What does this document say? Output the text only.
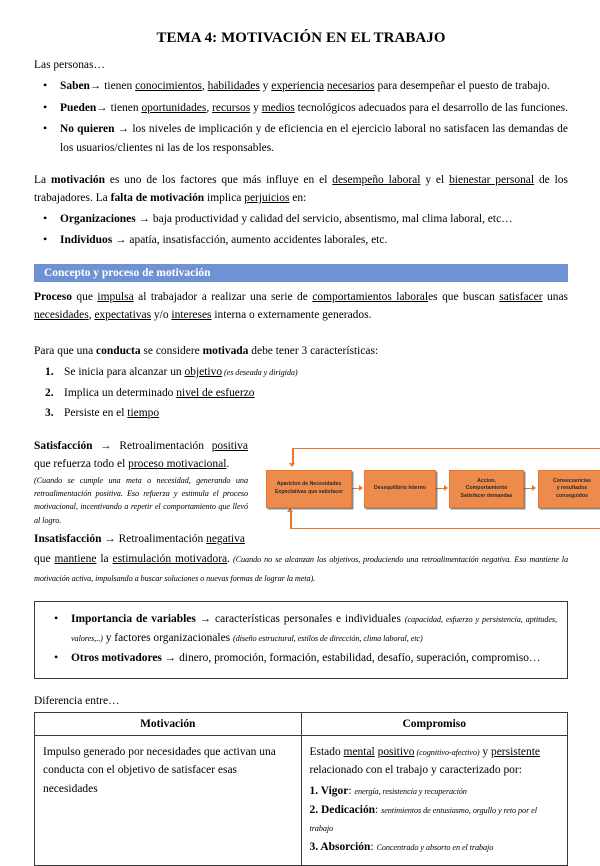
TEMA 4: MOTIVACIÓN EN EL TRABAJO

Las personas…

• Saben→ tienen conocimientos, habilidades y experiencia necesarios para desempeñar el puesto de trabajo.
• Pueden→ tienen oportunidades, recursos y medios tecnológicos adecuados para el desarrollo de las funciones.
• No quieren → los niveles de implicación y de eficiencia en el ejercicio laboral no satisfacen las demandas de los usuarios/clientes ni las de los responsables.

La motivación es uno de los factores que más influye en el desempeño laboral y el bienestar personal de los trabajadores. La falta de motivación implica perjuicios en:

• Organizaciones → baja productividad y calidad del servicio, absentismo, mal clima laboral, etc…
• Individuos → apatía, insatisfacción, aumento accidentes laborales, etc.
Concepto y proceso de motivación

Proceso que impulsa al trabajador a realizar una serie de comportamientos laborales que buscan satisfacer unas necesidades, expectativas y/o intereses interna o externamente generados.

Para que una conducta se considere motivada debe tener 3 características:

Se inicia para alcanzar un objetivo (es deseada y dirigida)
Implica un determinado nivel de esfuerzo
Persiste en el tiempo
Aparicion de Necesidades
Expectativas que satisfacer
Desequilibrio Interno
Accion,
Comportamiento
Satisfacer demandas
Consecuencias
y resultados
conseguidos
Satisfacción → Retroalimentación positiva que refuerza todo el proceso motivacional.
(Cuando se cumple una meta o necesidad, generando una retroalimentación positiva. Eso refuerza y estimula el proceso motivacional, incentivando a repetir el comportamiento que llevó al logro.
Insatisfacción → Retroalimentación negativa
que mantiene la estimulación motivadora. (Cuando no se alcanzan los objetivos, produciendo una retroalimentación negativa. Eso mantiene la motivación activa, impulsando a buscar soluciones o nuevas formas de lograr la meta).
• Importancia de variables → características personales e individuales (capacidad, esfuerzo y persistencia, aptitudes, valores,..) y factores organizacionales (diseño estructural, estilos de dirección, clima laboral, etc)
• Otros motivadores → dinero, promoción, formación, estabilidad, desafío, superación, compromiso…

Diferencia entre…

Motivación	Compromiso
Impulso generado por necesidades que activan una conducta con el objetivo de satisfacer esas necesidades	Estado mental positivo (cognitivo-afectivo) y persistente relacionado con el trabajo y caracterizado por:
Vigor: energía, resistencia y recuperación
Dedicación: sentimientos de entusiasmo, orgullo y reto por el trabajo
Absorción: Concentrado y absorto en el trabajo
